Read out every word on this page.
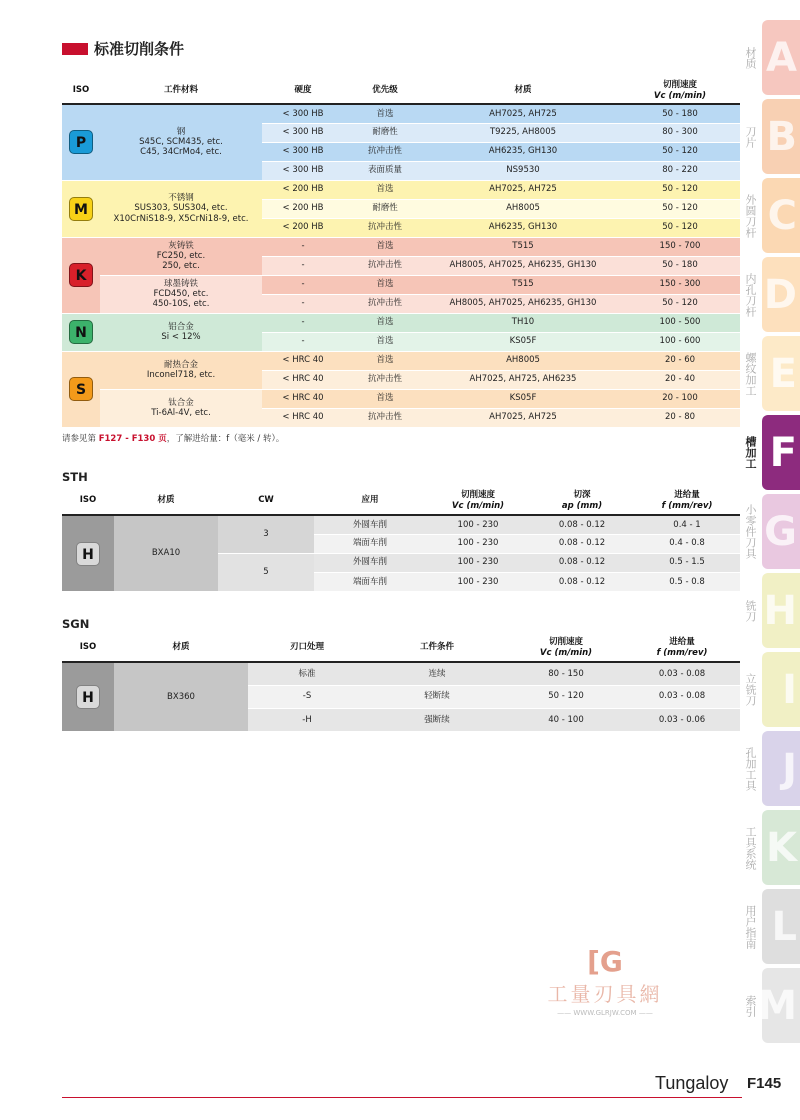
标准切削条件
ISO	工件材料	硬度	优先级	材质	切削速度
Vc (m/min)
P	钢
S45C, SCM435, etc.
C45, 34CrMo4, etc.	< 300 HB	首选	AH7025, AH725	50 - 180
		< 300 HB	耐磨性	T9225, AH8005	80 - 300
		< 300 HB	抗冲击性	AH6235, GH130	50 - 120
		< 300 HB	表面质量	NS9530	80 - 220
M	不锈钢
SUS303, SUS304, etc.
X10CrNiS18-9, X5CrNi18-9, etc.	< 200 HB	首选	AH7025, AH725	50 - 120
		< 200 HB	耐磨性	AH8005	50 - 120
		< 200 HB	抗冲击性	AH6235, GH130	50 - 120
K	灰铸铁
FC250, etc.
250, etc.	-	首选	T515	150 - 700
		-	抗冲击性	AH8005, AH7025, AH6235, GH130	50 - 180
	球墨铸铁
FCD450, etc.
450-10S, etc.	-	首选	T515	150 - 300
		-	抗冲击性	AH8005, AH7025, AH6235, GH130	50 - 120
N	铝合金
Si < 12%	-	首选	TH10	100 - 500
		-	首选	KS05F	100 - 600
S	耐热合金
Inconel718, etc.	< HRC 40	首选	AH8005	20 - 60
		< HRC 40	抗冲击性	AH7025, AH725, AH6235	20 - 40
	钛合金
Ti-6Al-4V, etc.	< HRC 40	首选	KS05F	20 - 100
		< HRC 40	抗冲击性	AH7025, AH725	20 - 80
请参见第 F127 - F130 页，了解进给量：f（毫米 / 转）。
STH
ISO	材质	CW	应用	切削速度
Vc (m/min)	切深
ap (mm)	进给量
f (mm/rev)
H	BXA10	3	外圆车削	100 - 230	0.08 - 0.12	0.4 - 1
			端面车削	100 - 230	0.08 - 0.12	0.4 - 0.8
		5	外圆车削	100 - 230	0.08 - 0.12	0.5 - 1.5
			端面车削	100 - 230	0.08 - 0.12	0.5 - 0.8
SGN
ISO	材质	刃口处理	工件条件	切削速度
Vc (m/min)	进给量
f (mm/rev)
H	BX360	标准	连续	80 - 150	0.03 - 0.08
		-S	轻断续	50 - 120	0.03 - 0.08
		-H	强断续	40 - 100	0.03 - 0.06
A
材质
B
刀片
C
外圆刀杆
D
内孔刀杆
E
螺纹加工
F
槽加工
G
小零件刀具
H
铣刀
I
立铣刀
J
孔加工具
K
工具系统
L
用户指南
M
索引
[G
工量刃具網
—— WWW.GLRJW.COM ——
Tungaloy F145
